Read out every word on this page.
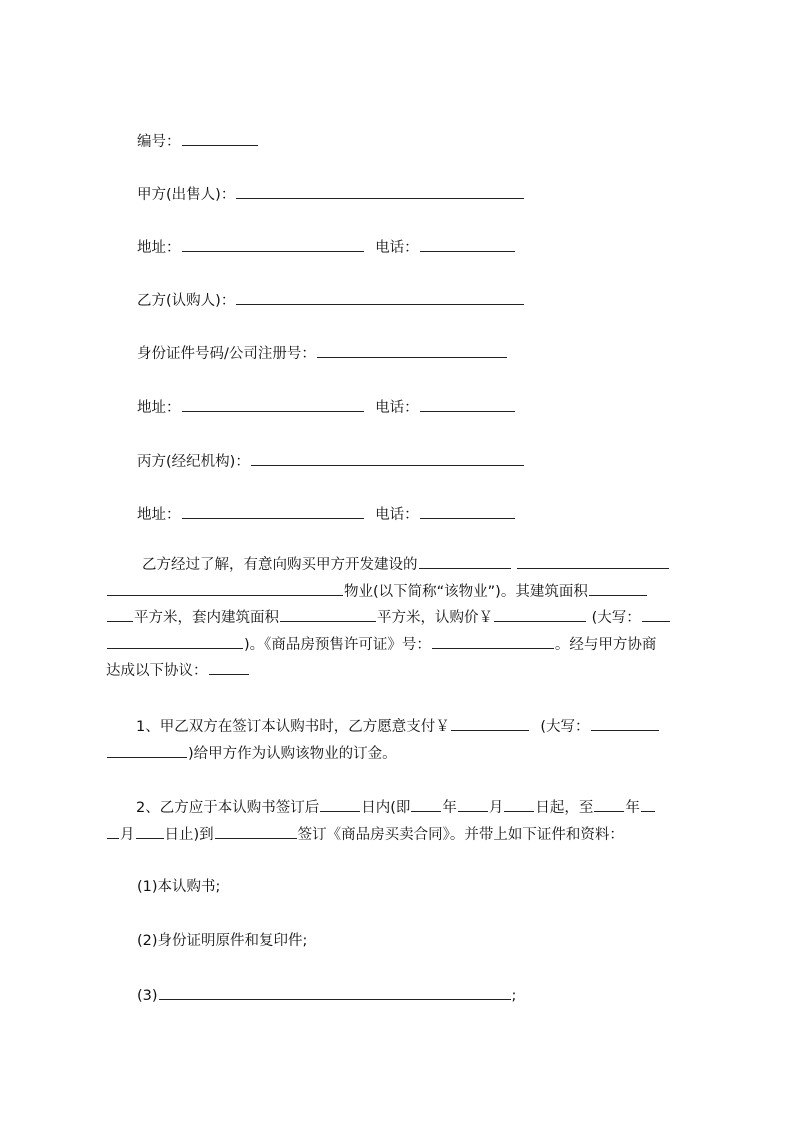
编号：
甲方(出售人)：
地址：	电话：
乙方(认购人)：
身份证件号码/公司注册号：
地址：	电话：
丙方(经纪机构)：
地址：	电话：
乙方经过了解，有意向购买甲方开发建设的
物业(以下简称“该物业”)。其建筑面积
平方米，套内建筑面积	平方米，认购价￥	(大写：
)。《商品房预售许可证》号：	。经与甲方协商
达成以下协议：
1、甲乙双方在签订本认购书时，乙方愿意支付￥	(大写：
)给甲方作为认购该物业的订金。
2、乙方应于本认购书签订后	日内(即 年 月 日起，至 年
月 日止)到	签订《商品房买卖合同》。并带上如下证件和资料：
(1)本认购书;
(2)身份证明原件和复印件;
(3)	;
